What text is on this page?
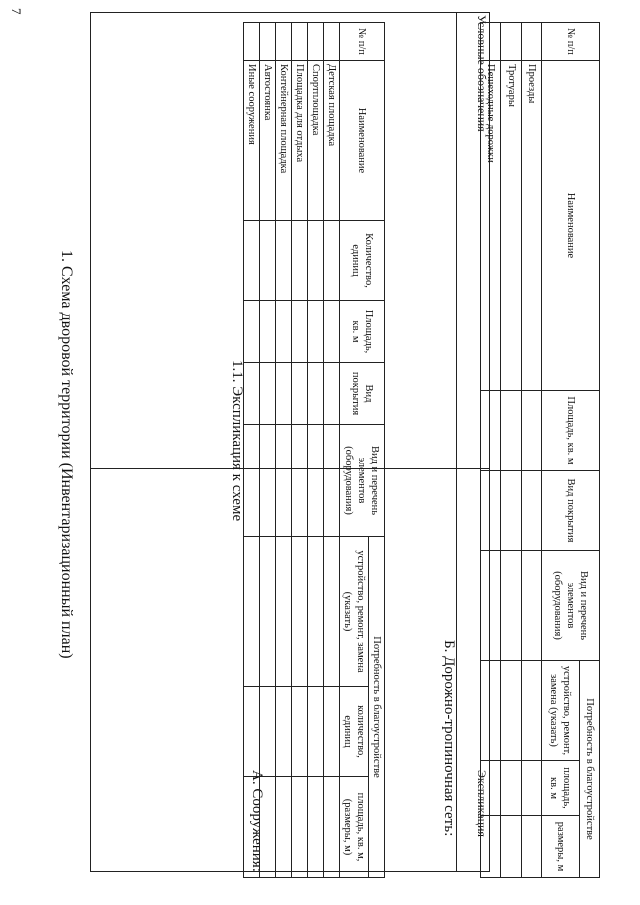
7
1. Схема дворовой территории (Инвентаризационный план)
Условные обозначения
Экспликация
1.1. Экспликация к схеме
А. Сооружения:	Б. Дорожно-тропиночная сеть:
№ п/п	Наименование	Количество, единиц	Площадь, кв. м	Вид покрытия	Вид и перечень элементов (оборудования)	Потребность в благоустройстве		
						устройство, ремонт, замена (указать)	количество, единиц	площадь, кв. м, (размеры, м)
	Детская площадка							
	Спортплощадка							
	Площадка для отдыха							
	Контейнерная площадка							
	Автостоянка							
	Иные сооружения							
№ п/п	Наименование	Площадь, кв. м	Вид покрытия	Вид и перечень элементов (оборудования)	Потребность в благоустройстве		
					устройство, ремонт, замена (указать)	площадь, кв. м	размеры, м
	Проезды						
	Тротуары						
	Пешеходные дорожки						
